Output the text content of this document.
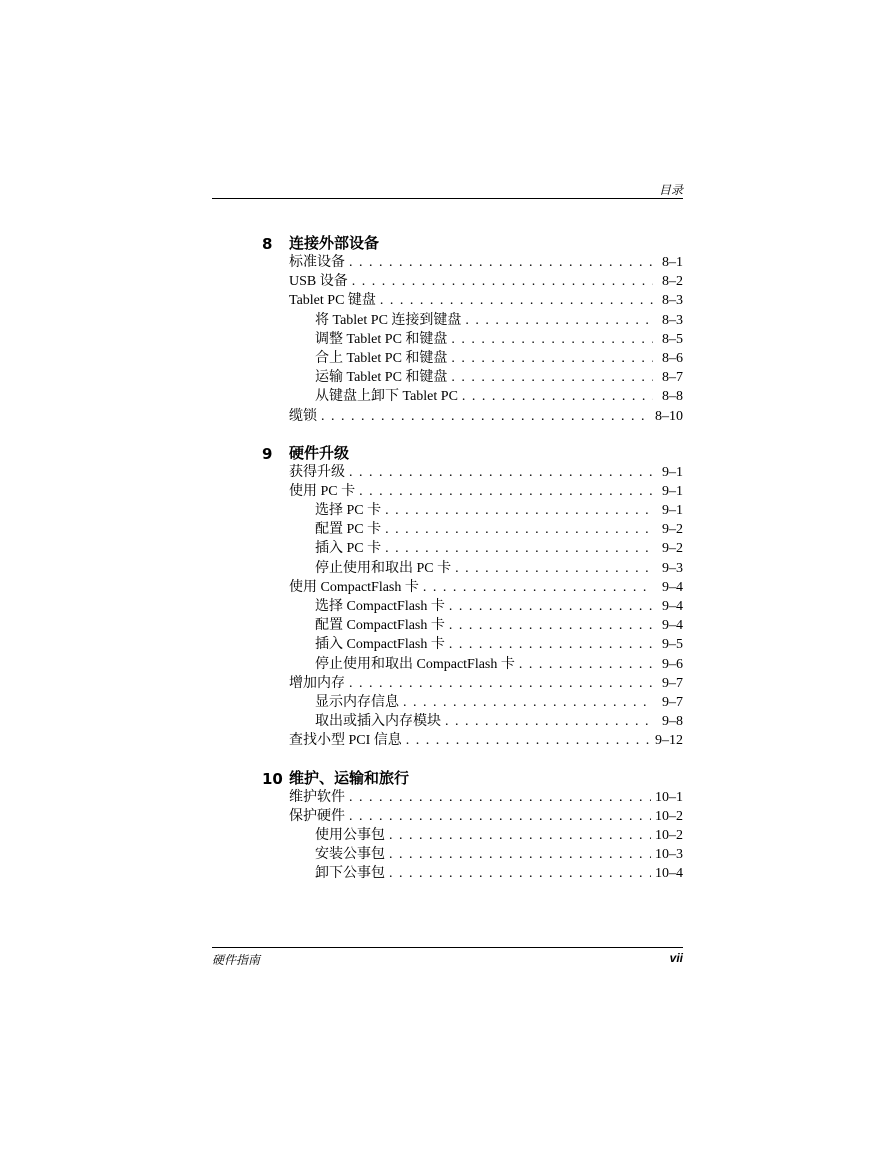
目录
8	连接外部设备
标准设备 . . .	8–1
USB 设备 . . .	8–2
Tablet PC 键盘 . . .	8–3
将 Tablet PC 连接到键盘 . . .	8–3
调整 Tablet PC 和键盘 . . .	8–5
合上 Tablet PC 和键盘 . . .	8–6
运输 Tablet PC 和键盘 . . .	8–7
从键盘上卸下 Tablet PC . . .	8–8
缆锁 . . .	8–10
9	硬件升级
获得升级 . . .	9–1
使用 PC 卡 . . .	9–1
选择 PC 卡 . . .	9–1
配置 PC 卡 . . .	9–2
插入 PC 卡 . . .	9–2
停止使用和取出 PC 卡 . . .	9–3
使用 CompactFlash 卡 . . .	9–4
选择 CompactFlash 卡 . . .	9–4
配置 CompactFlash 卡 . . .	9–4
插入 CompactFlash 卡 . . .	9–5
停止使用和取出 CompactFlash 卡 . . .	9–6
增加内存 . . .	9–7
显示内存信息 . . .	9–7
取出或插入内存模块 . . .	9–8
查找小型 PCI 信息 . . .	9–12
10 维护、运输和旅行
维护软件 . . .	10–1
保护硬件 . . .	10–2
使用公事包 . . .	10–2
安装公事包 . . .	10–3
卸下公事包 . . .	10–4
硬件指南	vii
